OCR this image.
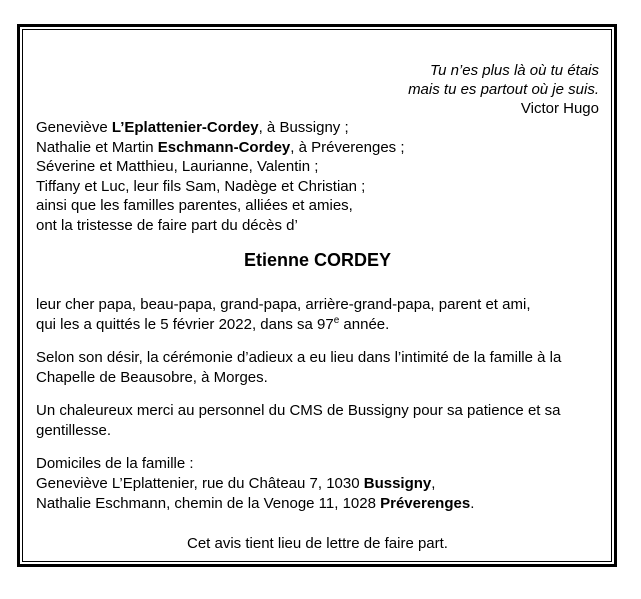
Tu n’es plus là où tu étais
mais tu es partout où je suis.
Victor Hugo
Geneviève L’Eplattenier-Cordey, à Bussigny ;
Nathalie et Martin Eschmann-Cordey, à Préverenges ;
Séverine et Matthieu, Laurianne, Valentin ;
Tiffany et Luc, leur fils Sam, Nadège et Christian ;
ainsi que les familles parentes, alliées et amies,
ont la tristesse de faire part du décès d’
Etienne CORDEY
leur cher papa, beau-papa, grand-papa, arrière-grand-papa, parent et ami,
qui les a quittés le 5 février 2022, dans sa 97e année.
Selon son désir, la cérémonie d’adieux a eu lieu dans l’intimité de la famille à la
Chapelle de Beausobre, à Morges.
Un chaleureux merci au personnel du CMS de Bussigny pour sa patience et sa
gentillesse.
Domiciles de la famille :
Geneviève L’Eplattenier, rue du Château 7, 1030 Bussigny,
Nathalie Eschmann, chemin de la Venoge 11, 1028 Préverenges.
Cet avis tient lieu de lettre de faire part.
